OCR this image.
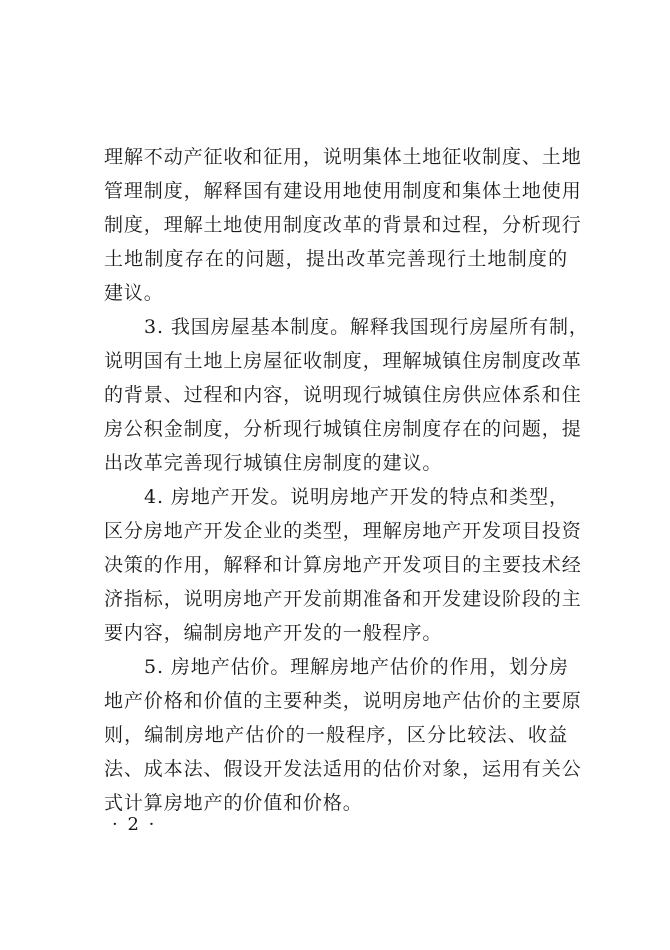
理解不动产征收和征用，说明集体土地征收制度、土地
管理制度，解释国有建设用地使用制度和集体土地使用
制度，理解土地使用制度改革的背景和过程，分析现行
土地制度存在的问题，提出改革完善现行土地制度的
建议。
3. 我国房屋基本制度。解释我国现行房屋所有制，
说明国有土地上房屋征收制度，理解城镇住房制度改革
的背景、过程和内容，说明现行城镇住房供应体系和住
房公积金制度，分析现行城镇住房制度存在的问题，提
出改革完善现行城镇住房制度的建议。
4. 房地产开发。说明房地产开发的特点和类型，
区分房地产开发企业的类型，理解房地产开发项目投资
决策的作用，解释和计算房地产开发项目的主要技术经
济指标，说明房地产开发前期准备和开发建设阶段的主
要内容，编制房地产开发的一般程序。
5. 房地产估价。理解房地产估价的作用，划分房
地产价格和价值的主要种类，说明房地产估价的主要原
则，编制房地产估价的一般程序，区分比较法、收益
法、成本法、假设开发法适用的估价对象，运用有关公
式计算房地产的价值和价格。
· 2 ·
